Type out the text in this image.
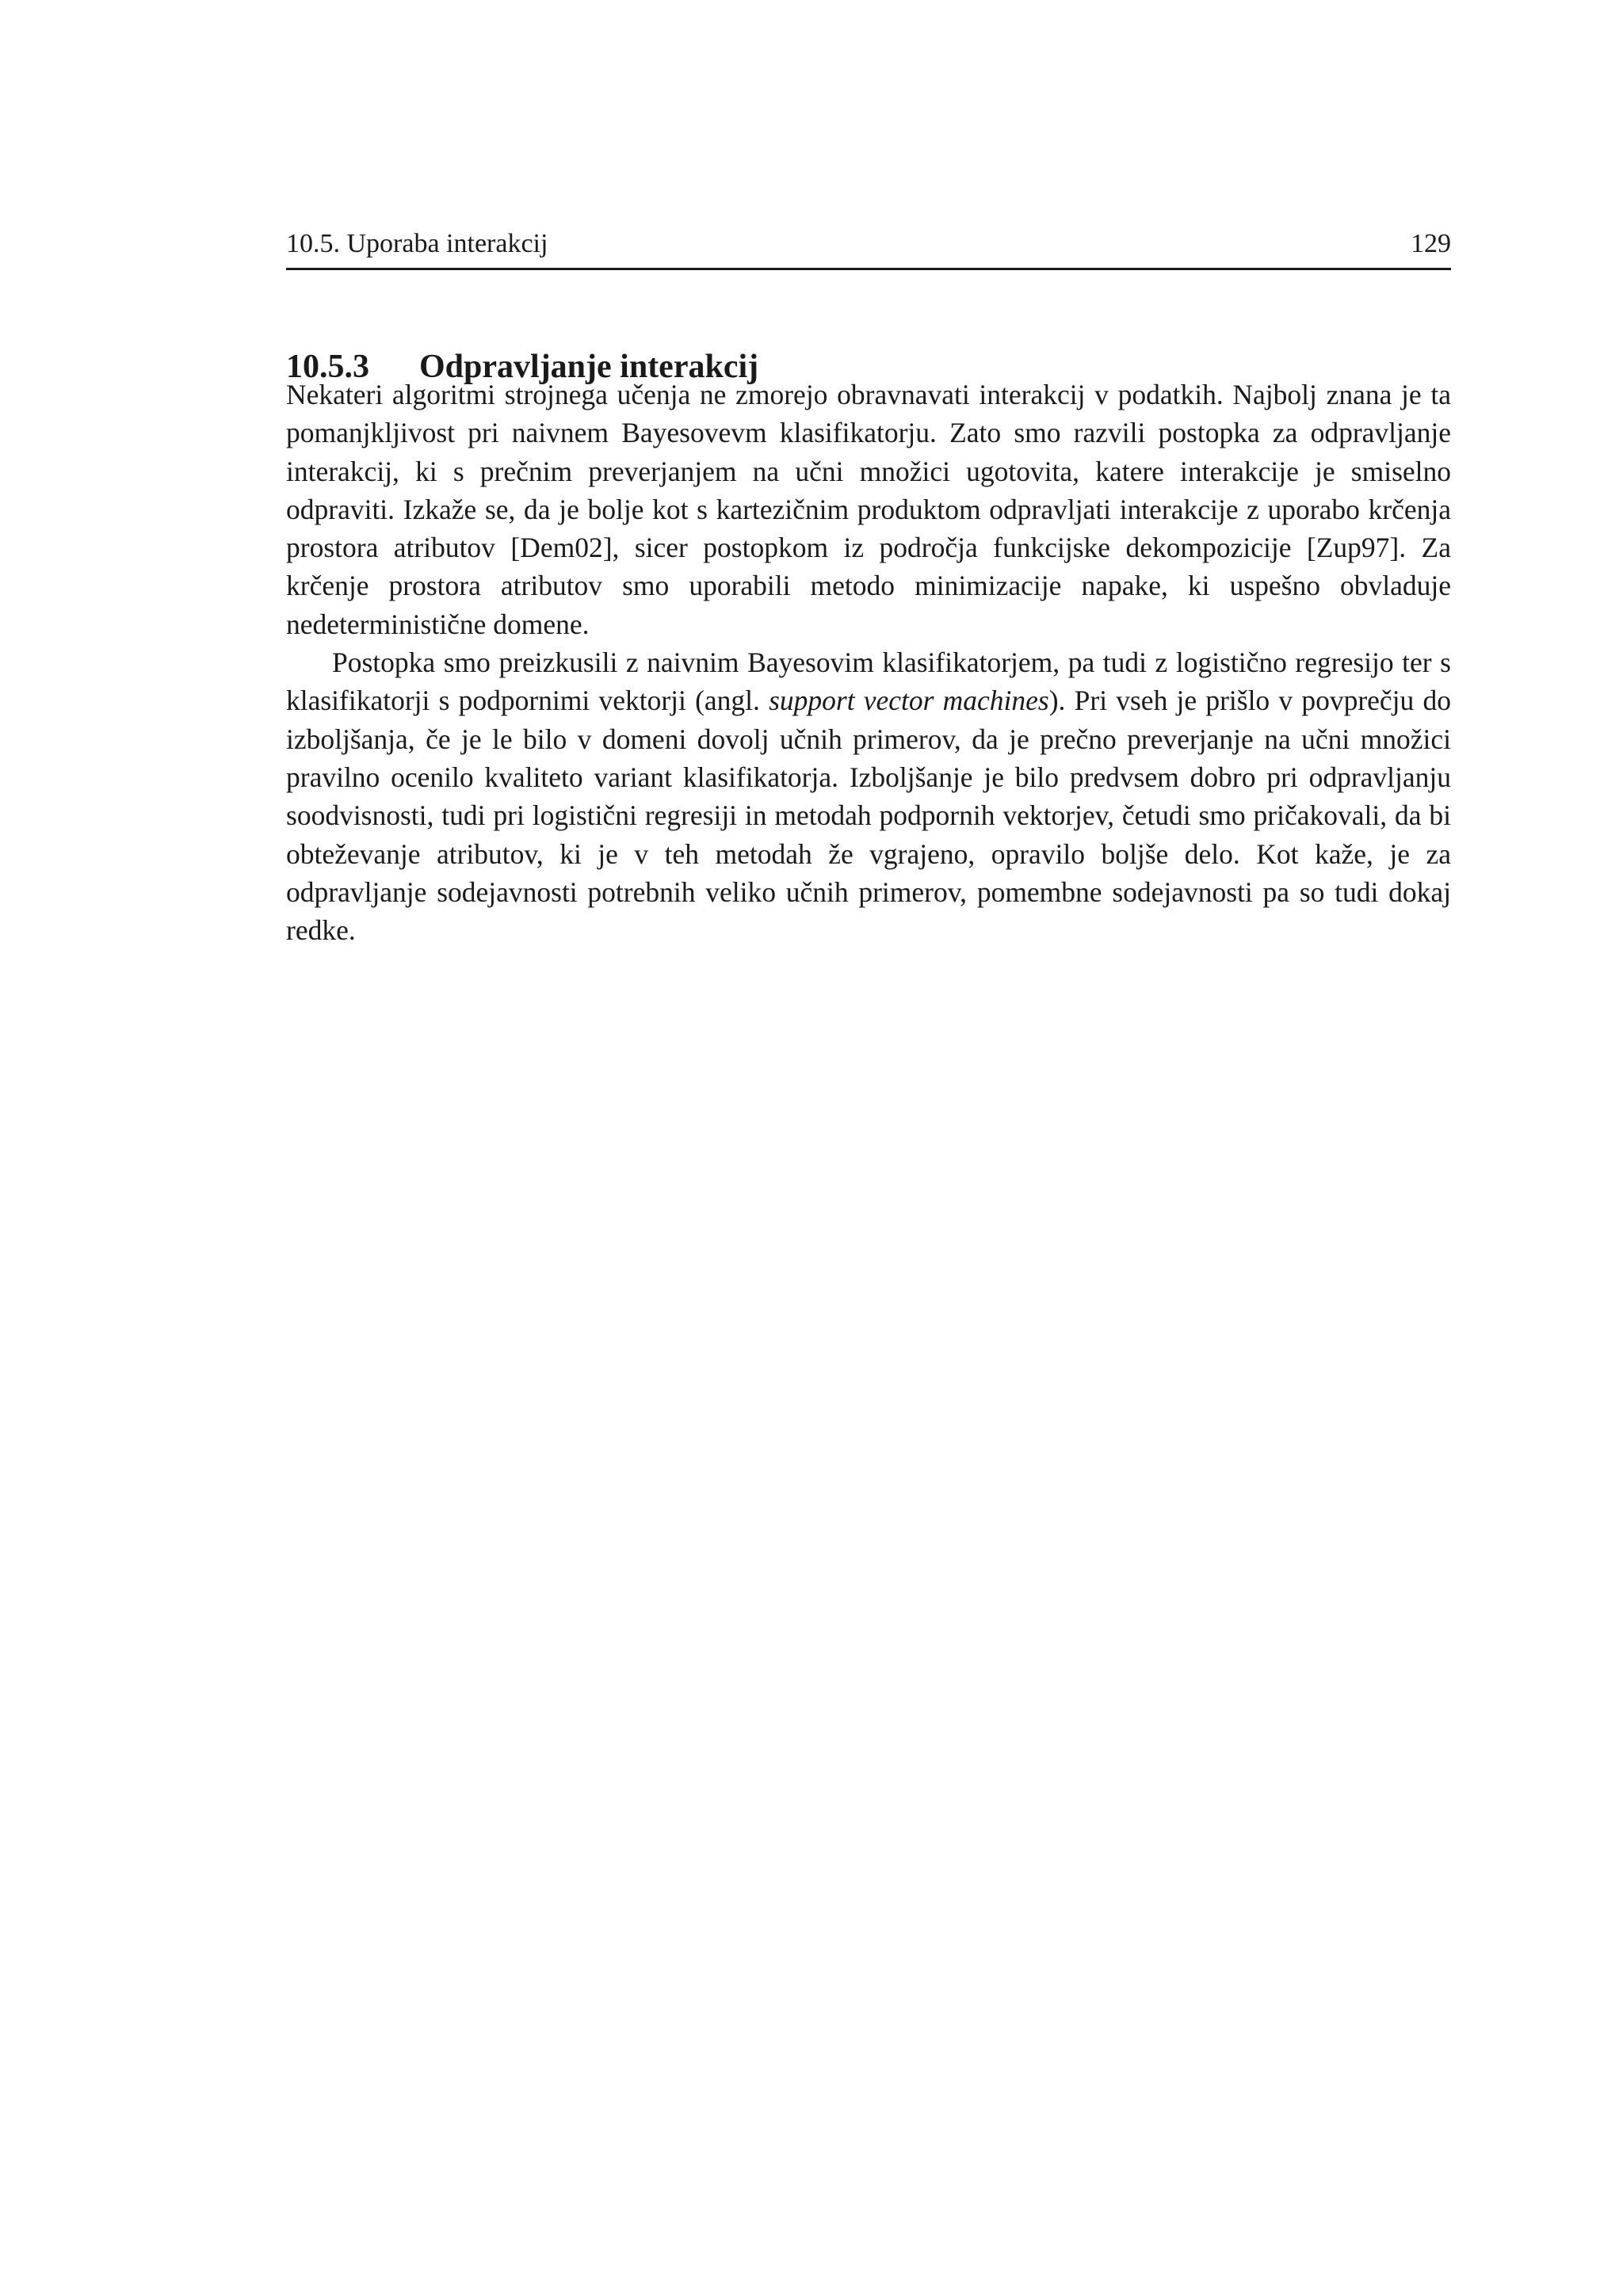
10.5. Uporaba interakcij	129
10.5.3 Odpravljanje interakcij

Nekateri algoritmi strojnega učenja ne zmorejo obravnavati interakcij v podatkih. Najbolj znana je ta pomanjkljivost pri naivnem Bayesovevm klasifikatorju. Zato smo razvili postopka za odpravljanje interakcij, ki s prečnim preverjanjem na učni množici ugotovita, katere interakcije je smiselno odpraviti. Izkaže se, da je bolje kot s kartezičnim produktom odpravljati interakcije z uporabo krčenja prostora atributov [Dem02], sicer postopkom iz področja funkcijske dekompozicije [Zup97]. Za krčenje prostora atributov smo uporabili metodo minimizacije napake, ki uspešno obvladuje nedeterministične domene.

Postopka smo preizkusili z naivnim Bayesovim klasifikatorjem, pa tudi z logistično regresijo ter s klasifikatorji s podpornimi vektorji (angl. support vector machines). Pri vseh je prišlo v povprečju do izboljšanja, če je le bilo v domeni dovolj učnih primerov, da je prečno preverjanje na učni množici pravilno ocenilo kvaliteto variant klasifikatorja. Izboljšanje je bilo predvsem dobro pri odpravljanju soodvisnosti, tudi pri logistični regresiji in metodah podpornih vektorjev, četudi smo pričakovali, da bi obteževanje atributov, ki je v teh metodah že vgrajeno, opravilo boljše delo. Kot kaže, je za odpravljanje sodejavnosti potrebnih veliko učnih primerov, pomembne sodejavnosti pa so tudi dokaj redke.
